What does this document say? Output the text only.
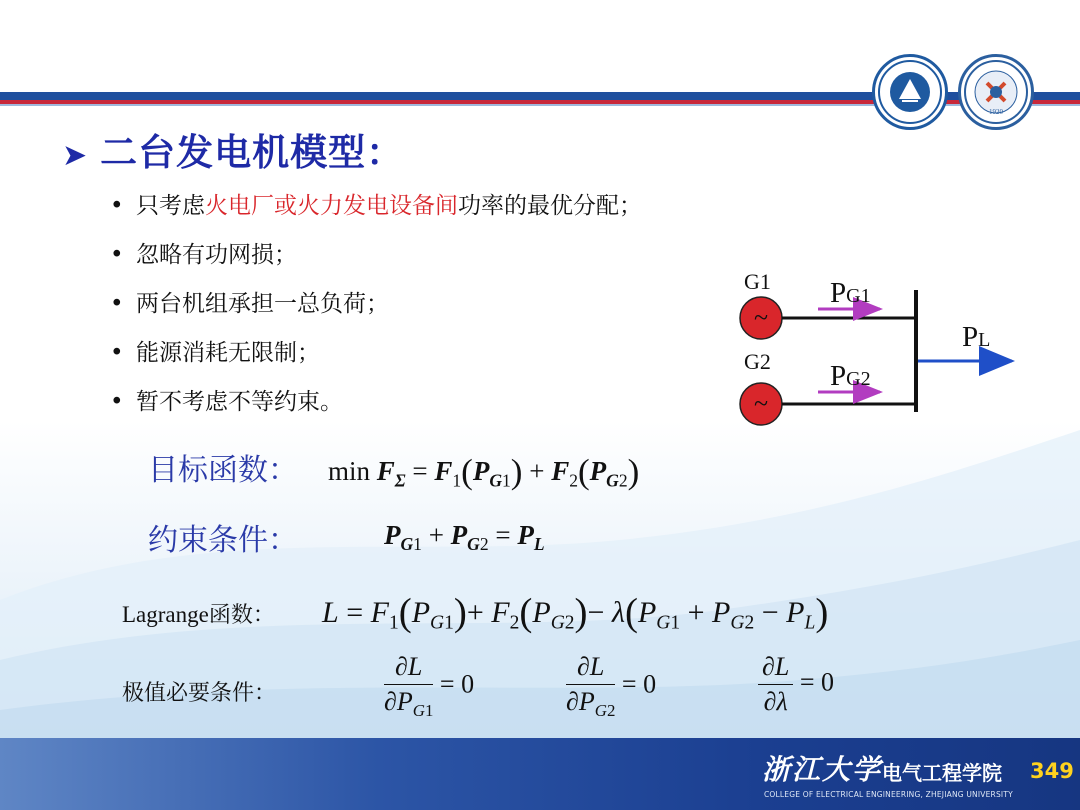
1920
➤ 二台发电机模型：
• 只考虑火电厂或火力发电设备间功率的最优分配；
• 忽略有功网损；
• 两台机组承担一总负荷；
• 能源消耗无限制；
• 暂不考虑不等约束。
G1
~
G2
~
PG1
PG2
PL
目标函数： $\min F_\Sigma = F_1(P_{G1}) + F_2(P_{G2})$
约束条件：	$P_{G1} + P_{G2} = P_L$
Lagrange函数： $L = F_1(P_{G1})+ F_2(P_{G2})- \lambda(P_{G1} + P_{G2} - P_L)$
极值必要条件：	$\frac{\partial L}{\partial P_{G1}} = 0$	$\frac{\partial L}{\partial P_{G2}} = 0$	$\frac{\partial L}{\partial\lambda} = 0$
浙江大学 电气工程学院
COLLEGE OF ELECTRICAL ENGINEERING, ZHEJIANG UNIVERSITY
349
